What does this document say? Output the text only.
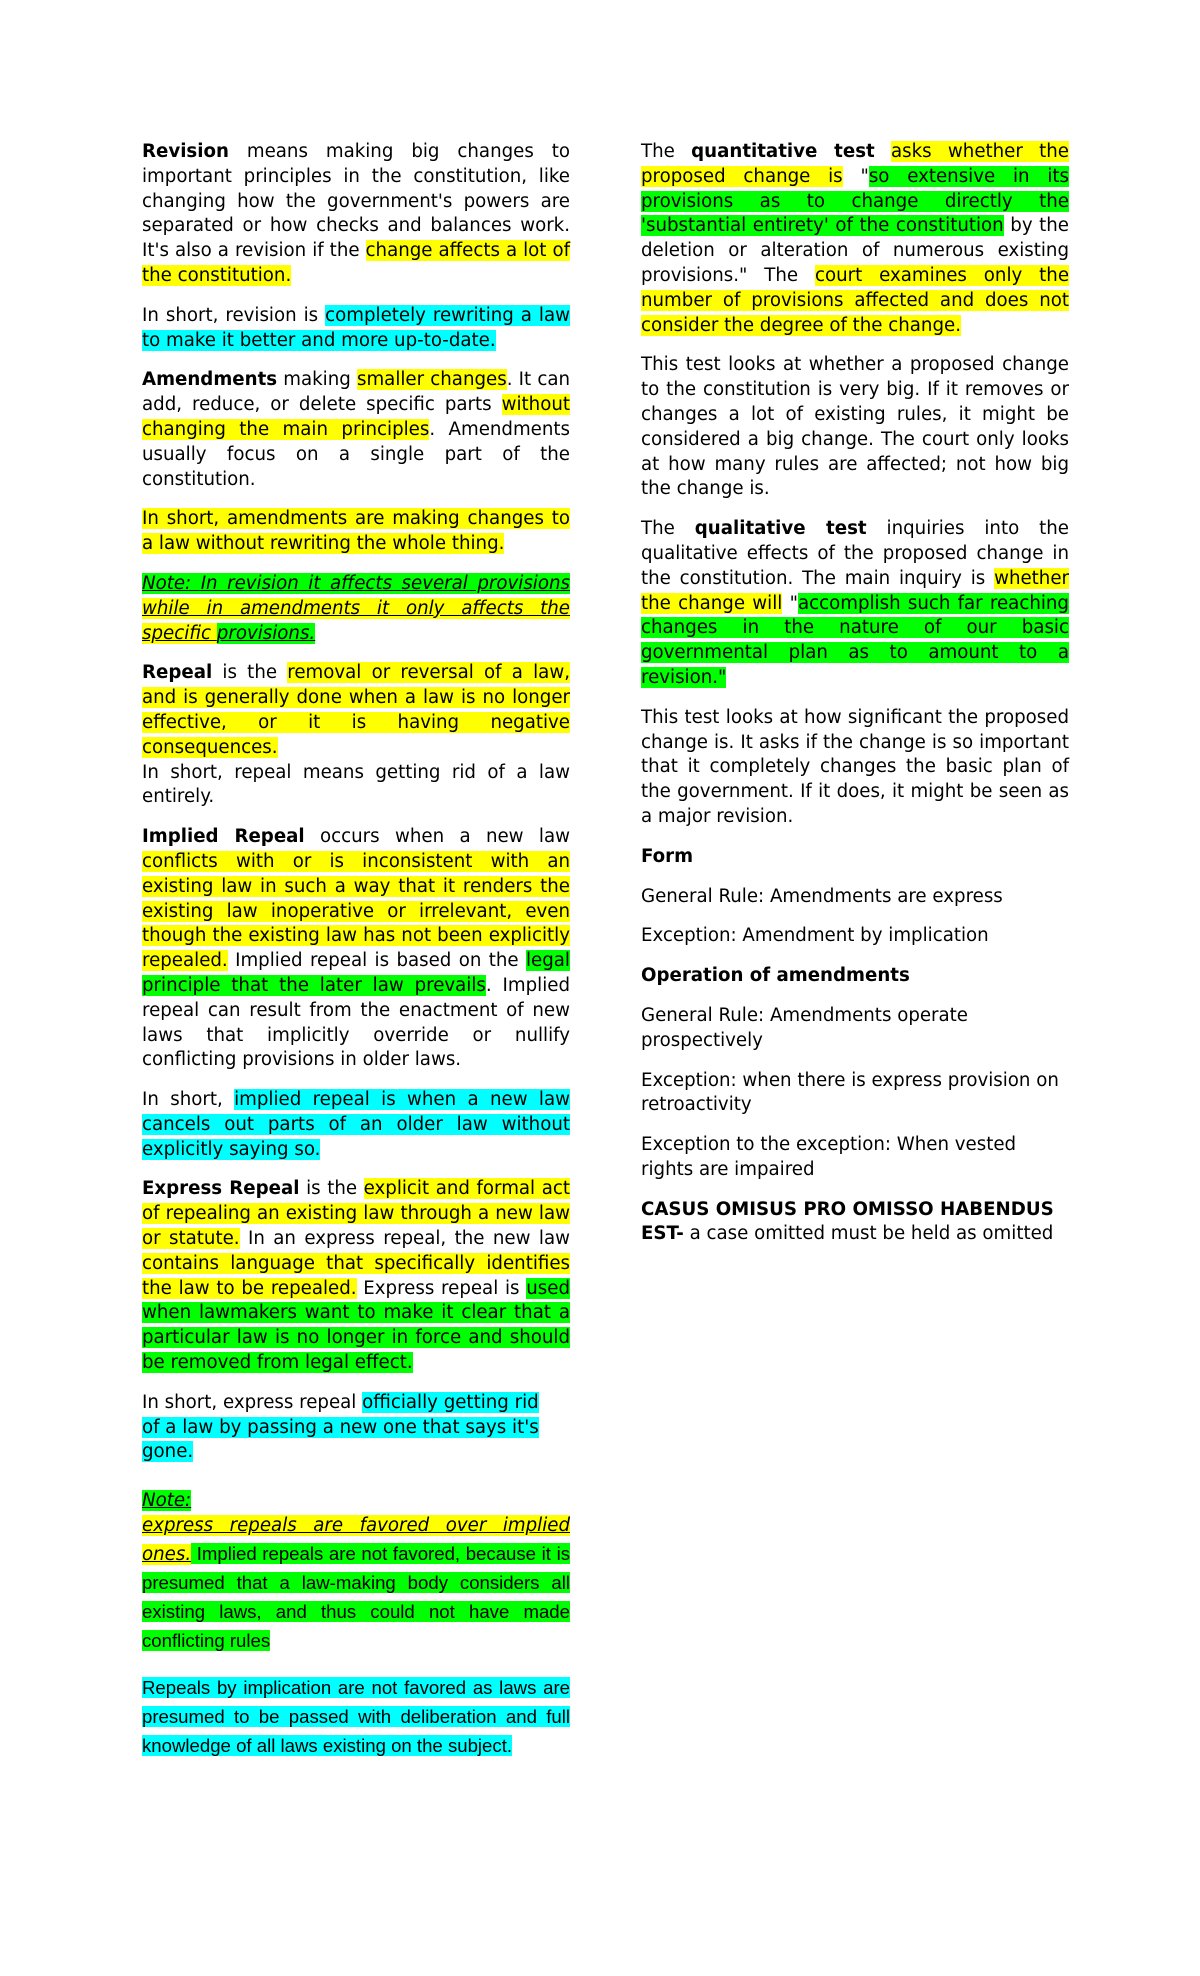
Revision means making big changes to important principles in the constitution, like changing how the government's powers are separated or how checks and balances work. It's also a revision if the change affects a lot of the constitution.

In short, revision is completely rewriting a law to make it better and more up-to-date.

Amendments making smaller changes. It can add, reduce, or delete specific parts without changing the main principles. Amendments usually focus on a single part of the constitution.

In short, amendments are making changes to a law without rewriting the whole thing.

Note: In revision it affects several provisions while in amendments it only affects the specific provisions.

Repeal is the removal or reversal of a law, and is generally done when a law is no longer effective, or it is having negative consequences.

In short, repeal means getting rid of a law entirely.

Implied Repeal occurs when a new law conflicts with or is inconsistent with an existing law in such a way that it renders the existing law inoperative or irrelevant, even though the existing law has not been explicitly repealed. Implied repeal is based on the legal principle that the later law prevails. Implied repeal can result from the enactment of new laws that implicitly override or nullify conflicting provisions in older laws.

In short, implied repeal is when a new law cancels out parts of an older law without explicitly saying so.

Express Repeal is the explicit and formal act of repealing an existing law through a new law or statute. In an express repeal, the new law contains language that specifically identifies the law to be repealed. Express repeal is used when lawmakers want to make it clear that a particular law is no longer in force and should be removed from legal effect.

In short, express repeal officially getting rid of a law by passing a new one that says it's gone.

Note:
express repeals are favored over implied ones. Implied repeals are not favored, because it is presumed that a law-making body considers all existing laws, and thus could not have made conflicting rules

Repeals by implication are not favored as laws are presumed to be passed with deliberation and full knowledge of all laws existing on the subject.

The quantitative test asks whether the proposed change is "so extensive in its provisions as to change directly the 'substantial entirety' of the constitution by the deletion or alteration of numerous existing provisions." The court examines only the number of provisions affected and does not consider the degree of the change.

This test looks at whether a proposed change to the constitution is very big. If it removes or changes a lot of existing rules, it might be considered a big change. The court only looks at how many rules are affected; not how big the change is.

The qualitative test inquiries into the qualitative effects of the proposed change in the constitution. The main inquiry is whether the change will "accomplish such far reaching changes in the nature of our basic governmental plan as to amount to a revision."

This test looks at how significant the proposed change is. It asks if the change is so important that it completely changes the basic plan of the government. If it does, it might be seen as a major revision.

Form

General Rule: Amendments are express

Exception: Amendment by implication

Operation of amendments

General Rule: Amendments operate prospectively

Exception: when there is express provision on retroactivity

Exception to the exception: When vested rights are impaired

CASUS OMISUS PRO OMISSO HABENDUS EST- a case omitted must be held as omitted
